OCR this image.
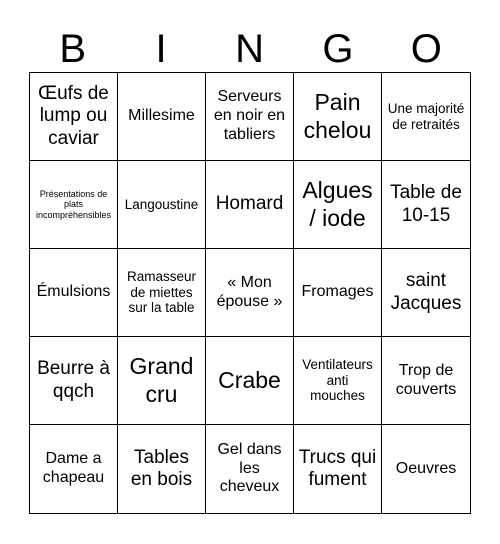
B	I	N	G	O
Œufs de lump ou caviar
Millesime
Serveurs en noir en tabliers
Pain chelou
Une majorité de retraités
Présentations de plats incompréhensibles
Langoustine Homard
Algues / iode
Table de 10-15
Émulsions
Ramasseur de miettes sur la table
« Mon épouse »
Fromages
saint Jacques
Beurre à qqch
Grand cru
Crabe
Ventilateurs anti mouches
Trop de couverts
Dame a chapeau
Tables en bois
Gel dans les cheveux
Trucs qui fument
Oeuvres
